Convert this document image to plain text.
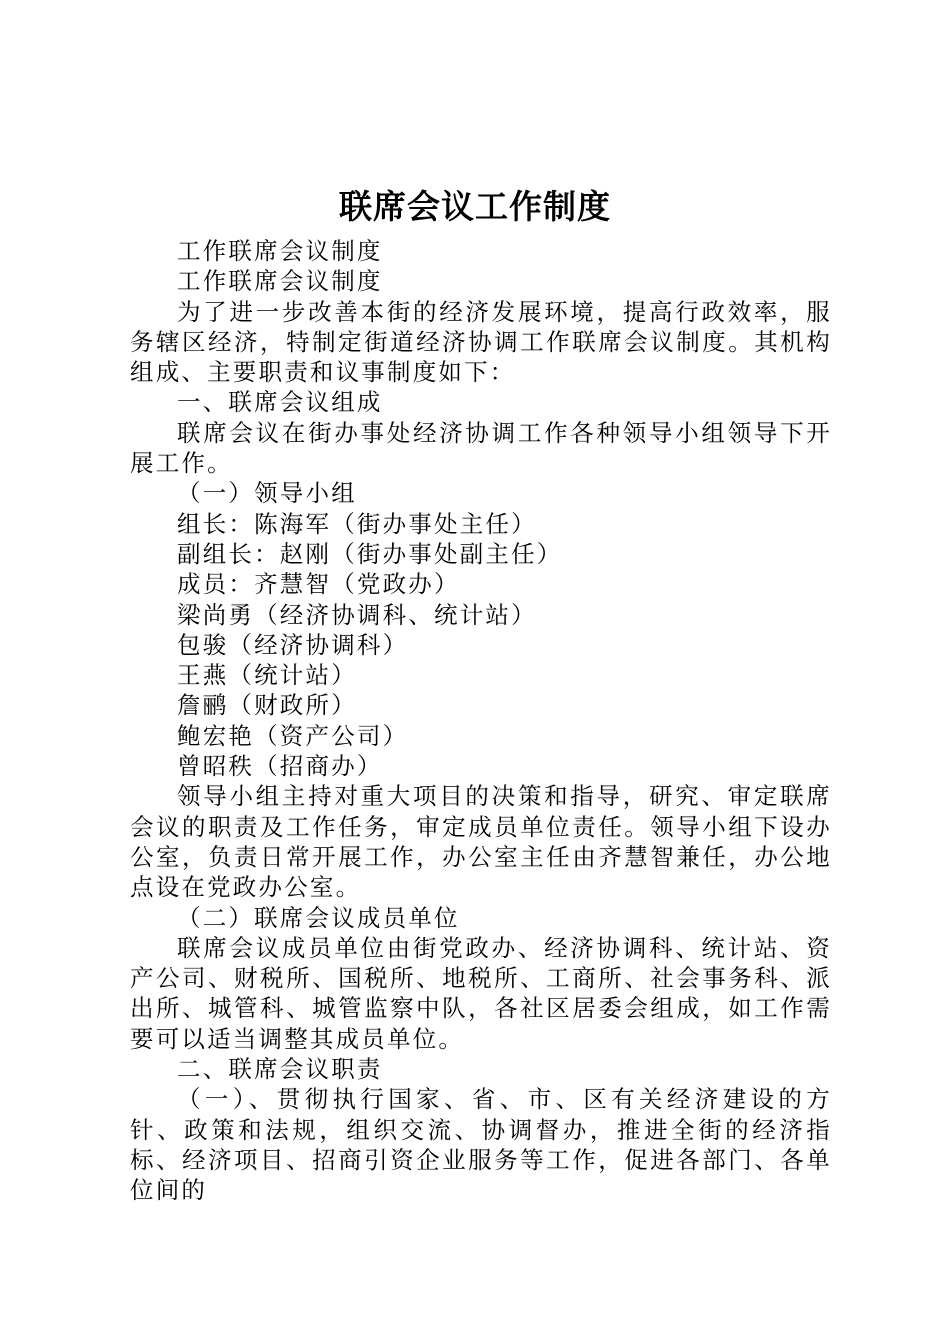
联席会议工作制度

工作联席会议制度

工作联席会议制度

为了进一步改善本街的经济发展环境，提高行政效率，服务辖区经济，特制定街道经济协调工作联席会议制度。其机构组成、主要职责和议事制度如下：

一、联席会议组成

联席会议在街办事处经济协调工作各种领导小组领导下开展工作。

（一）领导小组

组长：陈海军（街办事处主任）

副组长：赵刚（街办事处副主任）

成员：齐慧智（党政办）

梁尚勇（经济协调科、统计站）

包骏（经济协调科）

王燕（统计站）

詹鹂（财政所）

鲍宏艳（资产公司）

曾昭秩（招商办）

领导小组主持对重大项目的决策和指导，研究、审定联席会议的职责及工作任务，审定成员单位责任。领导小组下设办公室，负责日常开展工作，办公室主任由齐慧智兼任，办公地点设在党政办公室。

（二）联席会议成员单位

联席会议成员单位由街党政办、经济协调科、统计站、资产公司、财税所、国税所、地税所、工商所、社会事务科、派出所、城管科、城管监察中队，各社区居委会组成，如工作需要可以适当调整其成员单位。

二、联席会议职责

（一）、贯彻执行国家、省、市、区有关经济建设的方针、政策和法规，组织交流、协调督办，推进全街的经济指标、经济项目、招商引资企业服务等工作，促进各部门、各单位间的
